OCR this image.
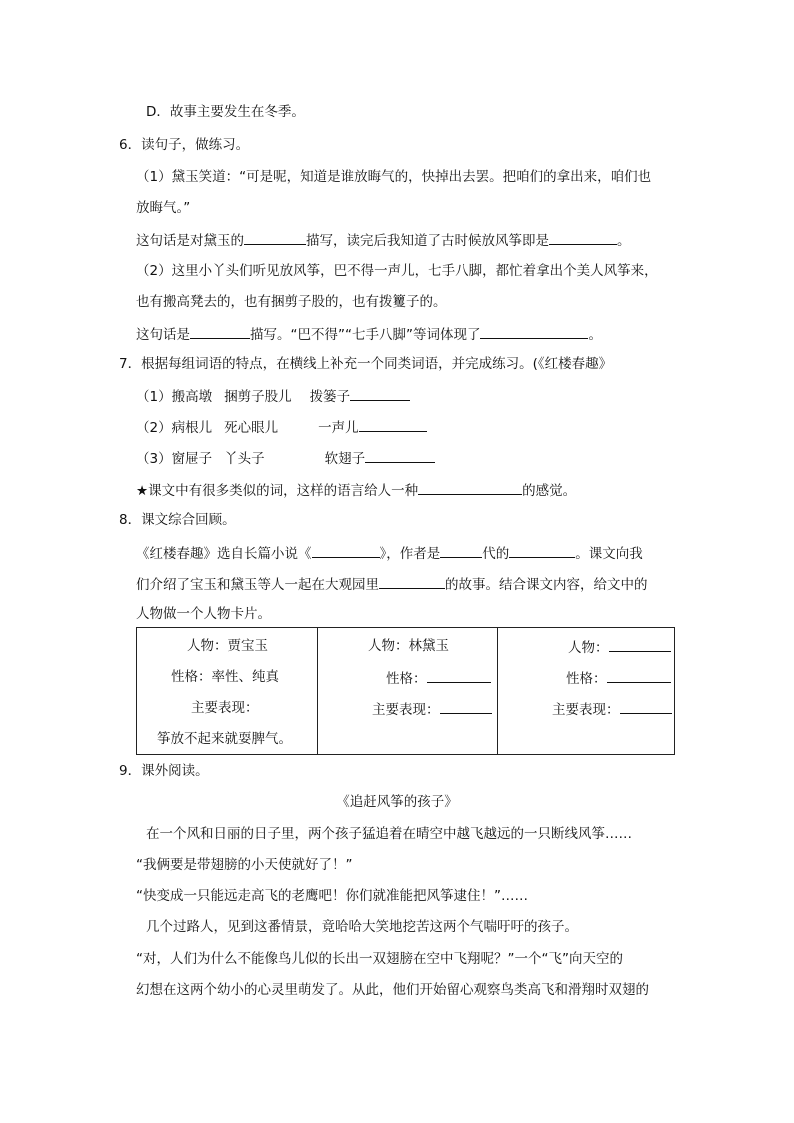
D．故事主要发生在冬季。
6．读句子，做练习。
（1）黛玉笑道：“可是呢，知道是谁放晦气的，快掉出去罢。把咱们的拿出来，咱们也
放晦气。”
这句话是对黛玉的	描写，读完后我知道了古时候放风筝即是	。
（2）这里小丫头们听见放风筝，巴不得一声儿，七手八脚，都忙着拿出个美人风筝来，
也有搬高凳去的，也有捆剪子股的，也有拨籰子的。
这句话是	描写。“巴不得”“七手八脚”等词体现了	。
7．根据每组词语的特点，在横线上补充一个同类词语，并完成练习。(《红楼春趣》
（1）搬高墩 捆剪子股儿 拨篓子
（2）病根儿 死心眼儿	一声儿
（3）窗屉子 丫头子	软翅子
★课文中有很多类似的词，这样的语言给人一种	的感觉。
8．课文综合回顾。
《红楼春趣》选自长篇小说《	》，作者是	代的	。课文向我
们介绍了宝玉和黛玉等人一起在大观园里	的故事。结合课文内容，给文中的
人物做一个人物卡片。
人物：贾宝玉
性格：率性、纯真
主要表现：
筝放不起来就耍脾气。
人物：林黛玉
性格：
主要表现：
人物：
性格：
主要表现：
9．课外阅读。
《追赶风筝的孩子》
在一个风和日丽的日子里，两个孩子猛追着在晴空中越飞越远的一只断线风筝……
“我俩要是带翅膀的小天使就好了！”
“快变成一只能远走高飞的老鹰吧！你们就准能把风筝逮住！”……
几个过路人，见到这番情景，竟哈哈大笑地挖苦这两个气喘吁吁的孩子。
“对，人们为什么不能像鸟儿似的长出一双翅膀在空中飞翔呢？”一个“飞”向天空的
幻想在这两个幼小的心灵里萌发了。从此，他们开始留心观察鸟类高飞和滑翔时双翅的
